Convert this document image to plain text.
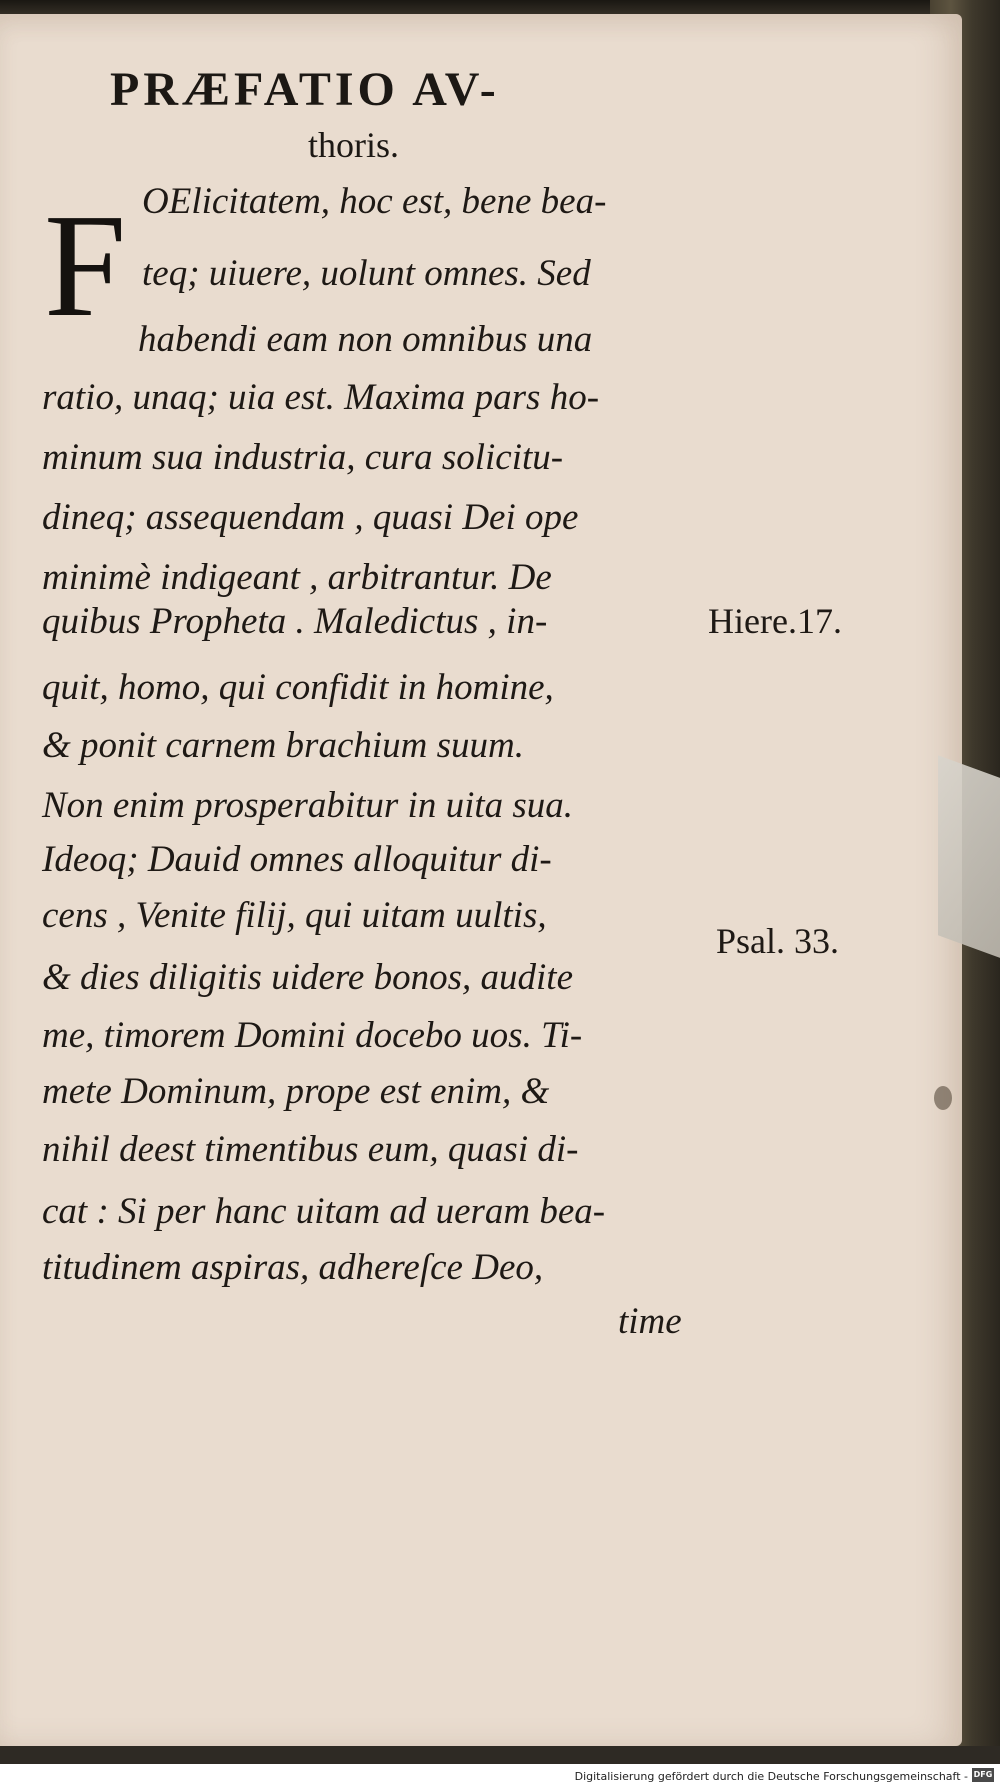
PRÆFATIO AV-
thoris.
F OElicitatem, hoc est, bene bea-
teq; uiuere, uolunt omnes. Sed
habendi eam non omnibus una
ratio, unaq; uia est. Maxima pars ho-
minum sua industria, cura solicitu-
dineq; assequendam , quasi Dei ope
minimè indigeant , arbitrantur. De
quibus Propheta . Maledictus , in-
quit, homo, qui confidit in homine,
& ponit carnem brachium suum.
Non enim prosperabitur in uita sua.
Ideoq; Dauid omnes alloquitur di-
cens , Venite filij, qui uitam uultis,
& dies diligitis uidere bonos, audite
me, timorem Domini docebo uos. Ti-
mete Dominum, prope est enim, &
nihil deest timentibus eum, quasi di-
cat : Si per hanc uitam ad ueram bea-
titudinem aspiras, adhereſce Deo,
time
Hiere.17.
Psal. 33.
Digitalisierung gefördert durch die Deutsche Forschungsgemeinschaft - DFG
